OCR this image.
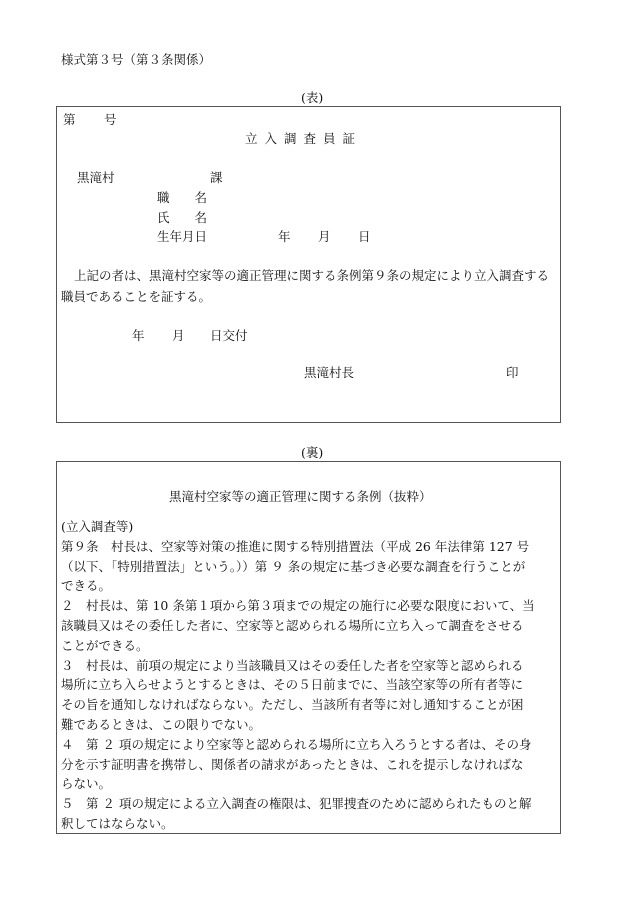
様式第３号（第３条関係）
(表)
第 号
立入調査員証
黒滝村	課
職　　名
氏　　名
生年月日	年 月 日
上記の者は、黒滝村空家等の適正管理に関する条例第９条の規定により立入調査する職員であることを証する。
年 月 日交付
黒滝村長	印
(裏)
黒滝村空家等の適正管理に関する条例（抜粋）
(立入調査等)
第９条　村長は、空家等対策の推進に関する特別措置法（平成 26 年法律第 127 号
（以下、「特別措置法」という。））第 ９ 条の規定に基づき必要な調査を行うことが
できる。
２　村長は、第 10 条第１項から第３項までの規定の施行に必要な限度において、当
該職員又はその委任した者に、空家等と認められる場所に立ち入って調査をさせる
ことができる。
３　村長は、前項の規定により当該職員又はその委任した者を空家等と認められる
場所に立ち入らせようとするときは、その５日前までに、当該空家等の所有者等に
その旨を通知しなければならない。ただし、当該所有者等に対し通知することが困
難であるときは、この限りでない。
４　第 ２ 項の規定により空家等と認められる場所に立ち入ろうとする者は、その身
分を示す証明書を携帯し、関係者の請求があったときは、これを提示しなければな
らない。
５　第 ２ 項の規定による立入調査の権限は、犯罪捜査のために認められたものと解
釈してはならない。
